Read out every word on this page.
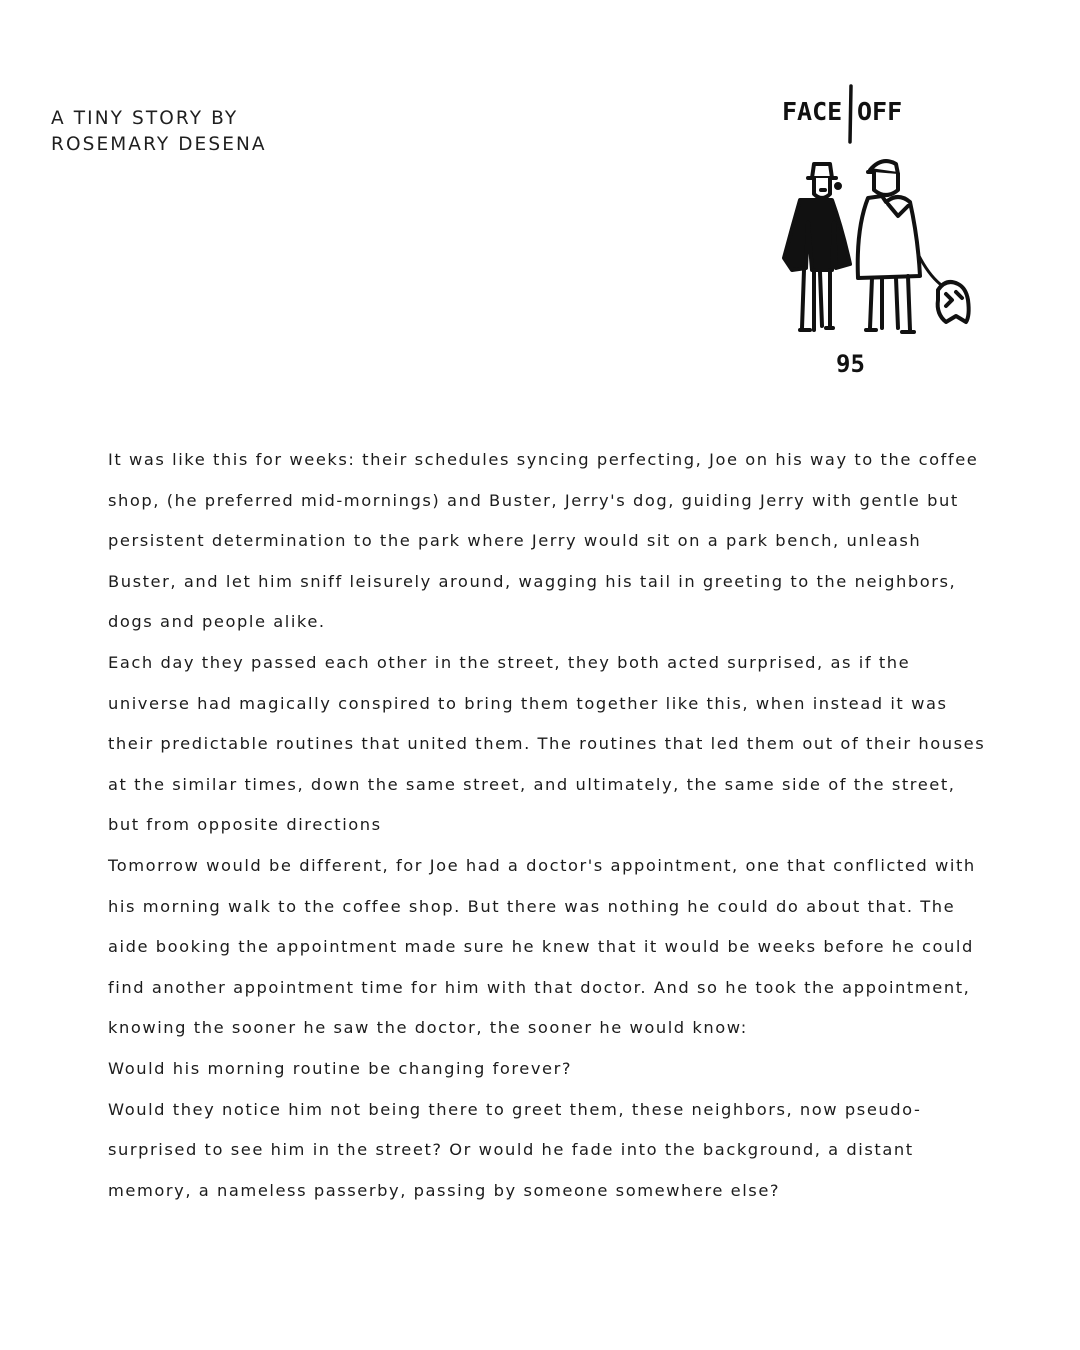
A TINY STORY BY
ROSEMARY DESENA
FACE OFF
95

It was like this for weeks: their schedules syncing perfecting, Joe on his way to the coffee shop, (he preferred mid-mornings) and Buster, Jerry's dog, guiding Jerry with gentle but persistent determination to the park where Jerry would sit on a park bench, unleash Buster, and let him sniff leisurely around, wagging his tail in greeting to the neighbors, dogs and people alike.

Each day they passed each other in the street, they both acted surprised, as if the universe had magically conspired to bring them together like this, when instead it was their predictable routines that united them. The routines that led them out of their houses at the similar times, down the same street, and ultimately, the same side of the street, but from opposite directions

Tomorrow would be different, for Joe had a doctor's appointment, one that conflicted with his morning walk to the coffee shop. But there was nothing he could do about that. The aide booking the appointment made sure he knew that it would be weeks before he could find another appointment time for him with that doctor. And so he took the appointment, knowing the sooner he saw the doctor, the sooner he would know:

Would his morning routine be changing forever?

Would they notice him not being there to greet them, these neighbors, now pseudo-surprised to see him in the street? Or would he fade into the background, a distant memory, a nameless passerby, passing by someone somewhere else?
